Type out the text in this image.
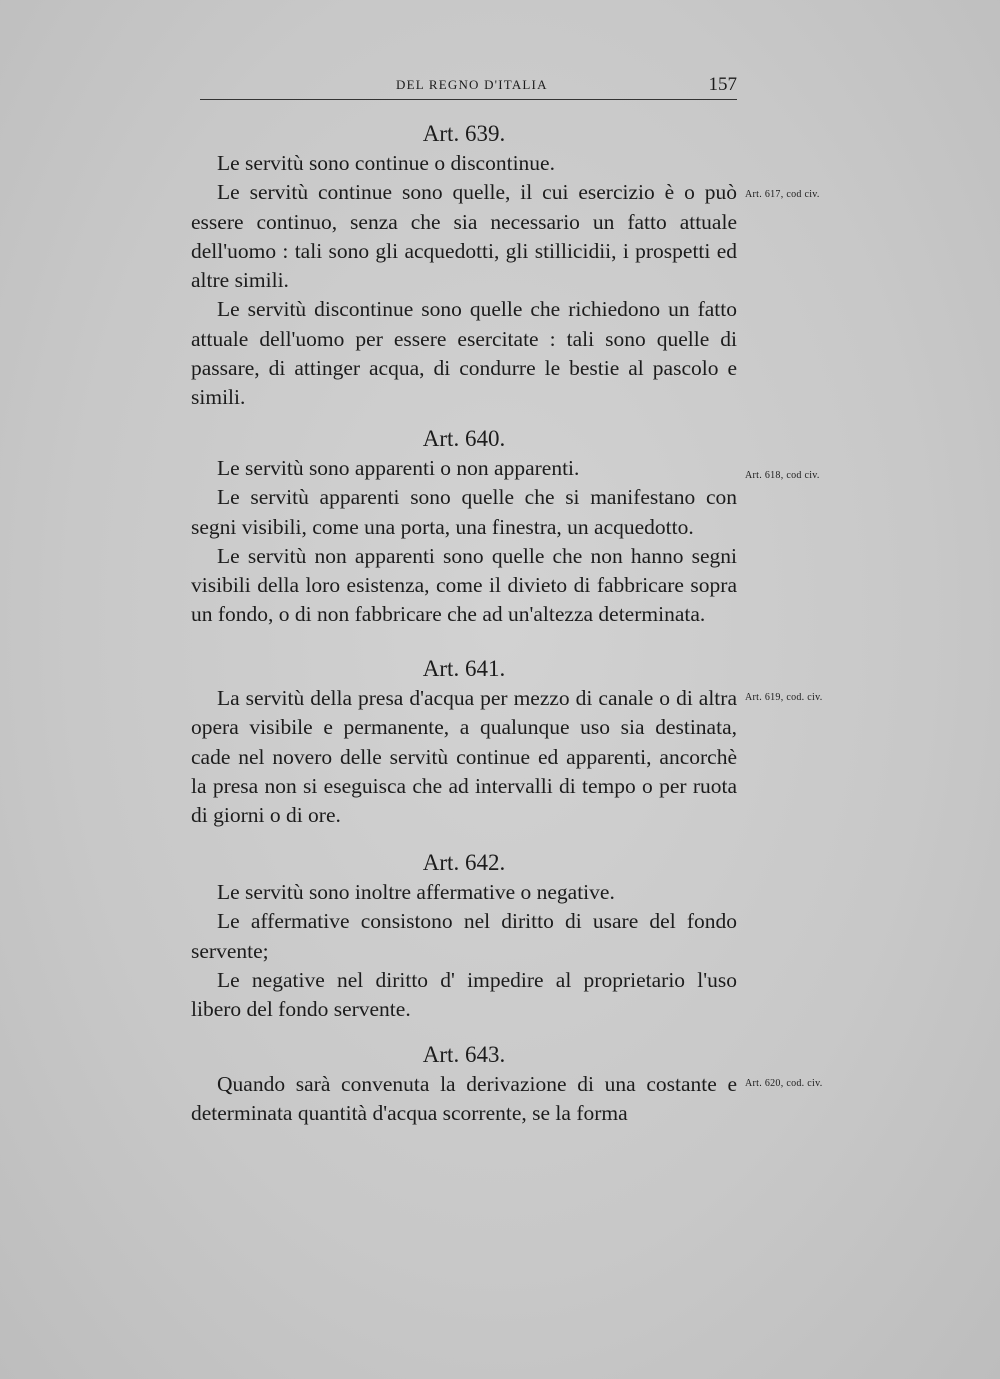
DEL REGNO D'ITALIA	157

Art. 639.

Le servitù sono continue o discontinue.

Le servitù continue sono quelle, il cui esercizio è o può essere continuo, senza che sia necessario un fatto attuale dell'uomo : tali sono gli acquedotti, gli stillicidii, i prospetti ed altre simili.

Le servitù discontinue sono quelle che richiedono un fatto attuale dell'uomo per essere esercitate : tali sono quelle di passare, di attinger acqua, di condurre le bestie al pascolo e simili.

Art. 617, cod civ.

Art. 640.

Le servitù sono apparenti o non apparenti.

Le servitù apparenti sono quelle che si manifestano con segni visibili, come una porta, una finestra, un acquedotto.

Le servitù non apparenti sono quelle che non hanno segni visibili della loro esistenza, come il divieto di fabbricare sopra un fondo, o di non fabbricare che ad un'altezza determinata.

Art. 618, cod civ.

Art. 641.

La servitù della presa d'acqua per mezzo di canale o di altra opera visibile e permanente, a qualunque uso sia destinata, cade nel novero delle servitù continue ed apparenti, ancorchè la presa non si eseguisca che ad intervalli di tempo o per ruota di giorni o di ore.

Art. 619, cod. civ.

Art. 642.

Le servitù sono inoltre affermative o negative.

Le affermative consistono nel diritto di usare del fondo servente;

Le negative nel diritto d' impedire al proprietario l'uso libero del fondo servente.

Art. 643.

Quando sarà convenuta la derivazione di una costante e determinata quantità d'acqua scorrente, se la forma

Art. 620, cod. civ.
